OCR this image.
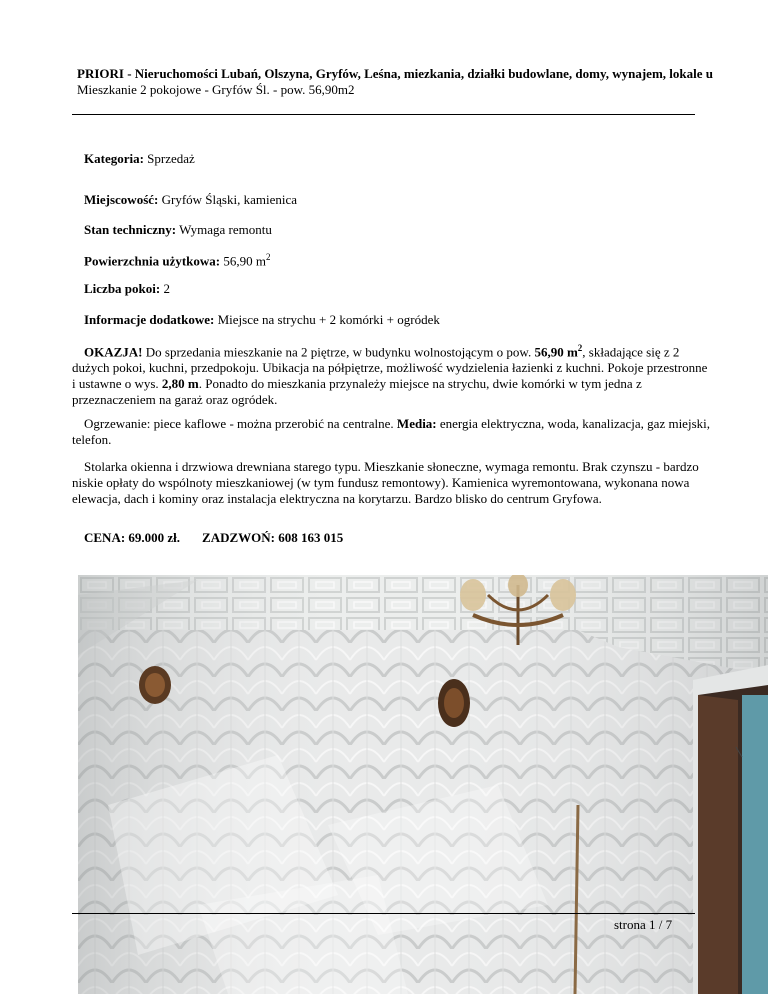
PRIORI - Nieruchomości Lubań, Olszyna, Gryfów, Leśna, miezkania, działki budowlane, domy, wynajem, lokale u
Mieszkanie 2 pokojowe - Gryfów Śl. - pow. 56,90m2
Kategoria: Sprzedaż
Miejscowość: Gryfów Śląski, kamienica
Stan techniczny: Wymaga remontu
Powierzchnia użytkowa: 56,90 $m^2$
Liczba pokoi: 2
Informacje dodatkowe: Miejsce na strychu + 2 komórki + ogródek
OKAZJA! Do sprzedania mieszkanie na 2 piętrze, w budynku wolnostojącym o pow. 56,90 $m^2$, składające się z 2 dużych pokoi, kuchni, przedpokoju. Ubikacja na półpiętrze, możliwość wydzielenia łazienki z kuchni. Pokoje przestronne i ustawne o wys. 2,80 m. Ponadto do mieszkania przynależy miejsce na strychu, dwie komórki w tym jedna z przeznaczeniem na garaż oraz ogródek.
Ogrzewanie: piece kaflowe - można przerobić na centralne. Media: energia elektryczna, woda, kanalizacja, gaz miejski, telefon.
Stolarka okienna i drzwiowa drewniana starego typu. Mieszkanie słoneczne, wymaga remontu. Brak czynszu - bardzo niskie opłaty do wspólnoty mieszkaniowej (w tym fundusz remontowy). Kamienica wyremontowana, wykonana nowa elewacja, dach i kominy oraz instalacja elektryczna na korytarzu. Bardzo blisko do centrum Gryfowa.
CENA: 69.000 zł. ZADZWOŃ: 608 163 015
strona 1 / 7
